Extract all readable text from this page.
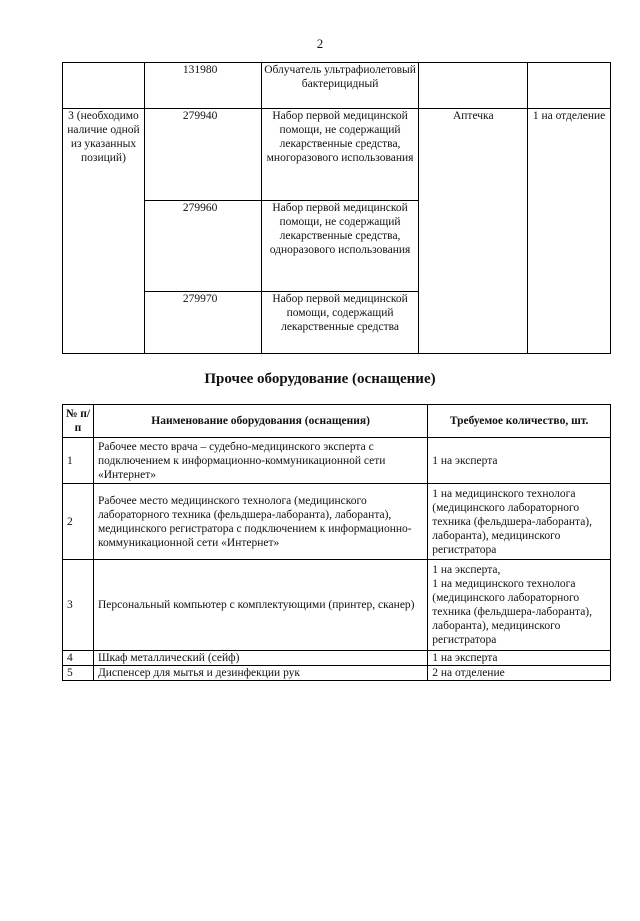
2
	131980	Облучатель ультрафиолетовый бактерицидный		
3 (необходимо наличие одной из указанных позиций)	279940	Набор первой медицинской помощи, не содержащий лекарственные средства, многоразового использования	Аптечка	1 на отделение
	279960	Набор первой медицинской помощи, не содержащий лекарственные средства, одноразового использования		
	279970	Набор первой медицинской помощи, содержащий лекарственные средства		
Прочее оборудование (оснащение)
№ п/п	Наименование оборудования (оснащения)	Требуемое количество, шт.
1	Рабочее место врача – судебно-медицинского эксперта с подключением к информационно-коммуникационной сети «Интернет»	1 на эксперта
2	Рабочее место медицинского технолога (медицинского лабораторного техника (фельдшера-лаборанта), лаборанта), медицинского регистратора с подключением к информационно-коммуникационной сети «Интернет»	1 на медицинского технолога (медицинского лабораторного техника (фельдшера-лаборанта), лаборанта), медицинского регистратора
3	Персональный компьютер с комплектующими (принтер, сканер)	1 на эксперта,
1 на медицинского технолога (медицинского лабораторного техника (фельдшера-лаборанта), лаборанта), медицинского регистратора
4	Шкаф металлический (сейф)	1 на эксперта
5	Диспенсер для мытья и дезинфекции рук	2 на отделение
